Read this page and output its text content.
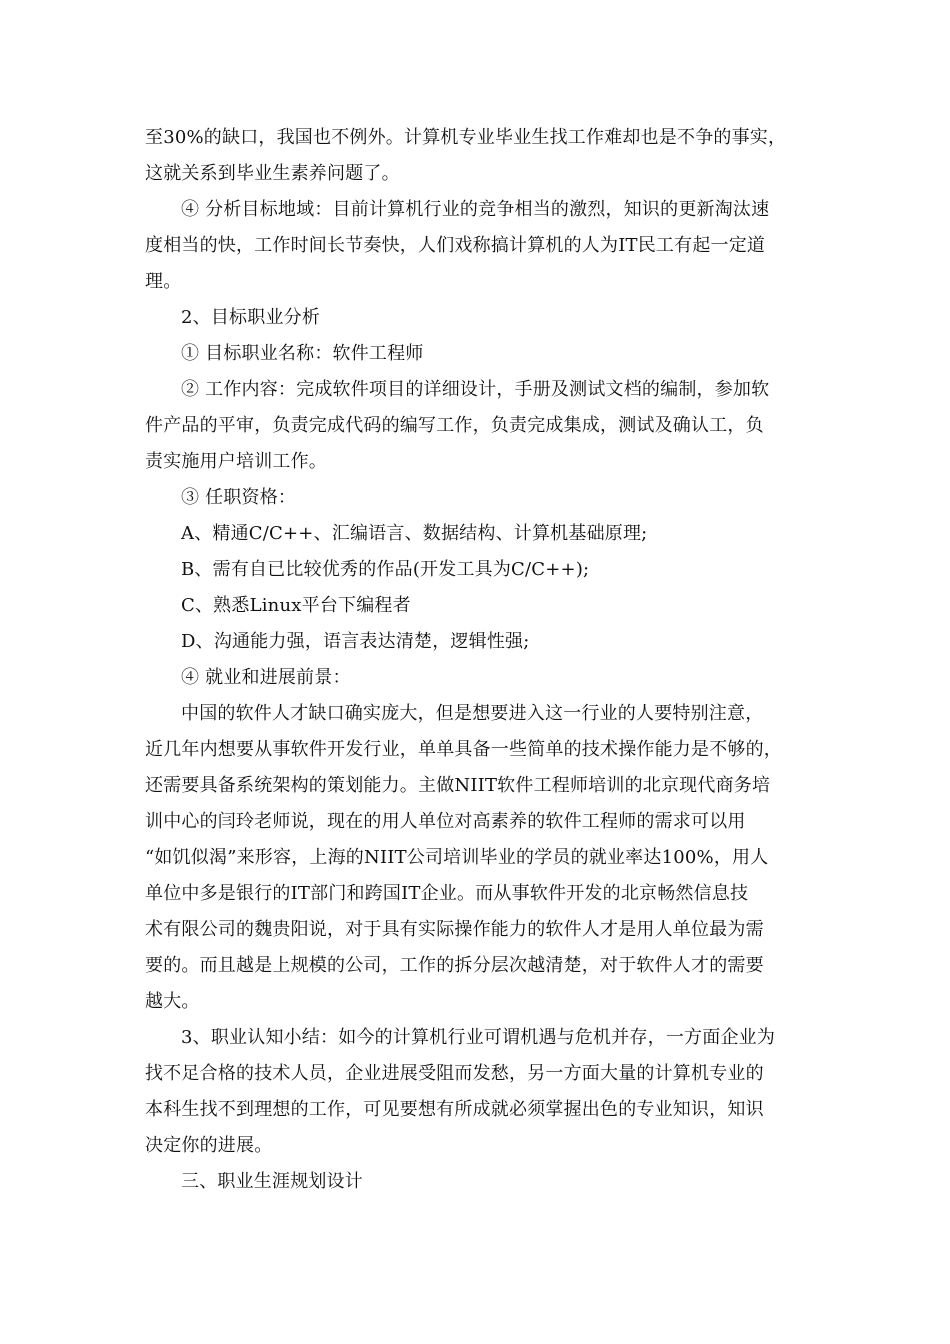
至30%的缺口，我国也不例外。计算机专业毕业生找工作难却也是不争的事实，
这就关系到毕业生素养问题了。
④ 分析目标地域：目前计算机行业的竞争相当的激烈，知识的更新淘汰速
度相当的快，工作时间长节奏快，人们戏称搞计算机的人为IT民工有起一定道
理。
2、目标职业分析
① 目标职业名称：软件工程师
② 工作内容：完成软件项目的详细设计，手册及测试文档的编制，参加软
件产品的平审，负责完成代码的编写工作，负责完成集成，测试及确认工，负
责实施用户培训工作。
③ 任职资格：
A、精通C/C++、汇编语言、数据结构、计算机基础原理;
B、需有自已比较优秀的作品(开发工具为C/C++);
C、熟悉Linux平台下编程者
D、沟通能力强，语言表达清楚，逻辑性强;
④ 就业和进展前景：
中国的软件人才缺口确实庞大，但是想要进入这一行业的人要特别注意，
近几年内想要从事软件开发行业，单单具备一些简单的技术操作能力是不够的，
还需要具备系统架构的策划能力。主做NIIT软件工程师培训的北京现代商务培
训中心的闫玲老师说，现在的用人单位对高素养的软件工程师的需求可以用
“如饥似渴”来形容，上海的NIIT公司培训毕业的学员的就业率达100%，用人
单位中多是银行的IT部门和跨国IT企业。而从事软件开发的北京畅然信息技
术有限公司的魏贵阳说，对于具有实际操作能力的软件人才是用人单位最为需
要的。而且越是上规模的公司，工作的拆分层次越清楚，对于软件人才的需要
越大。
3、职业认知小结：如今的计算机行业可谓机遇与危机并存，一方面企业为
找不足合格的技术人员，企业进展受阻而发愁，另一方面大量的计算机专业的
本科生找不到理想的工作，可见要想有所成就必须掌握出色的专业知识，知识
决定你的进展。
三、职业生涯规划设计
